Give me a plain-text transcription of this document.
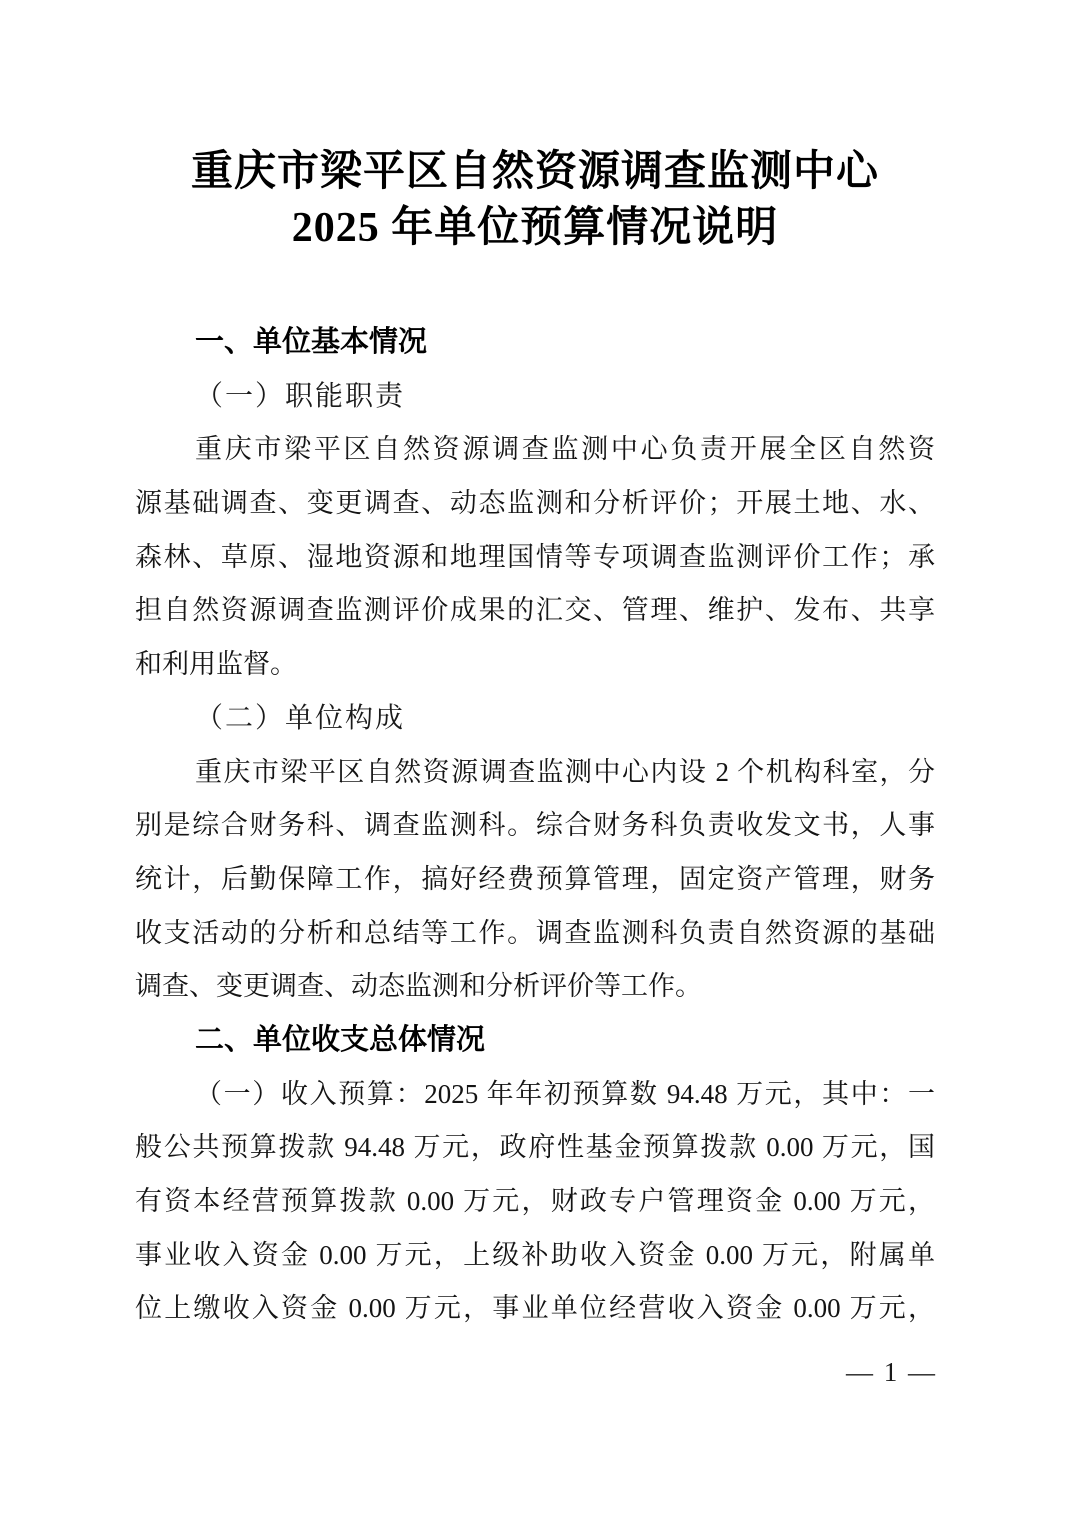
重庆市梁平区自然资源调查监测中心
2025 年单位预算情况说明
一、单位基本情况
（一）职能职责
重庆市梁平区自然资源调查监测中心负责开展全区自然资
源基础调查、变更调查、动态监测和分析评价；开展土地、水、
森林、草原、湿地资源和地理国情等专项调查监测评价工作；承
担自然资源调查监测评价成果的汇交、管理、维护、发布、共享
和利用监督。
（二）单位构成
重庆市梁平区自然资源调查监测中心内设 2 个机构科室，分
别是综合财务科、调查监测科。综合财务科负责收发文书，人事
统计，后勤保障工作，搞好经费预算管理，固定资产管理，财务
收支活动的分析和总结等工作。调查监测科负责自然资源的基础
调查、变更调查、动态监测和分析评价等工作。
二、单位收支总体情况
（一）收入预算：2025 年年初预算数 94.48 万元，其中：一
般公共预算拨款 94.48 万元，政府性基金预算拨款 0.00 万元，国
有资本经营预算拨款 0.00 万元，财政专户管理资金 0.00 万元，
事业收入资金 0.00 万元，上级补助收入资金 0.00 万元，附属单
位上缴收入资金 0.00 万元，事业单位经营收入资金 0.00 万元，
— 1 —
